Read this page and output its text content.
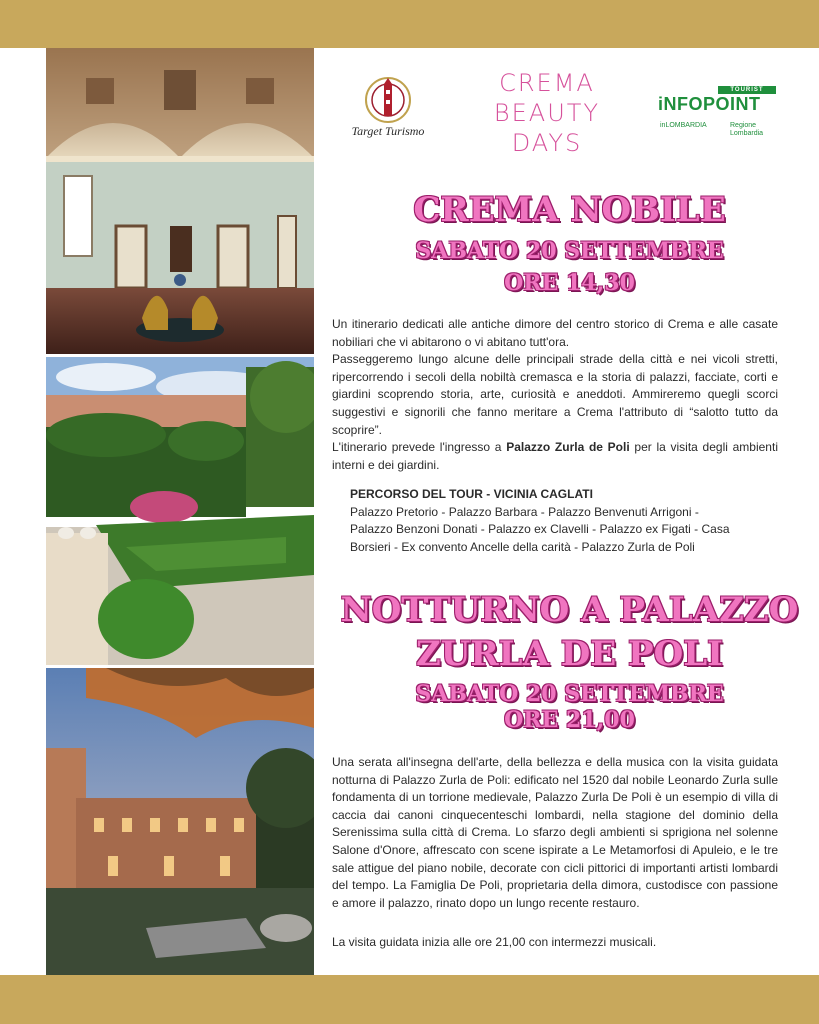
Target Turismo
CREMA
BEAUTY
DAYS
TOURIST
iNFOPOINT
inLOMBARDIA	Regione Lombardia
CREMA NOBILE
SABATO 20 SETTEMBRE
ORE 14,30
Un itinerario dedicati alle antiche dimore del centro storico di Crema e alle casate nobiliari che vi abitarono o vi abitano tutt'ora.
Passeggeremo lungo alcune delle principali strade della città e nei vicoli stretti, ripercorrendo i secoli della nobiltà cremasca e la storia di palazzi, facciate, corti e giardini scoprendo storia, arte, curiosità e aneddoti. Ammireremo quegli scorci suggestivi e signorili che fanno meritare a Crema l'attributo di “salotto tutto da scoprire”.
L'itinerario prevede l'ingresso a Palazzo Zurla de Poli per la visita degli ambienti interni e dei giardini.
PERCORSO DEL TOUR - VICINIA CAGLATI
Palazzo Pretorio - Palazzo Barbara - Palazzo Benvenuti Arrigoni -
Palazzo Benzoni Donati - Palazzo ex Clavelli - Palazzo ex Figati - Casa
Borsieri - Ex convento Ancelle della carità - Palazzo Zurla de Poli
NOTTURNO A PALAZZO
ZURLA DE POLI
SABATO 20 SETTEMBRE
ORE 21,00
Una serata all'insegna dell'arte, della bellezza e della musica con la visita guidata notturna di Palazzo Zurla de Poli: edificato nel 1520 dal nobile Leonardo Zurla sulle fondamenta di un torrione medievale, Palazzo Zurla De Poli è un esempio di villa di caccia dai canoni cinquecenteschi lombardi, nella stagione del dominio della Serenissima sulla città di Crema. Lo sfarzo degli ambienti si sprigiona nel solenne Salone d'Onore, affrescato con scene ispirate a Le Metamorfosi di Apuleio, e le tre sale attigue del piano nobile, decorate con cicli pittorici di importanti artisti lombardi del tempo. La Famiglia De Poli, proprietaria della dimora, custodisce con passione e amore il palazzo, rinato dopo un lungo recente restauro.
La visita guidata inizia alle ore 21,00 con intermezzi musicali.
